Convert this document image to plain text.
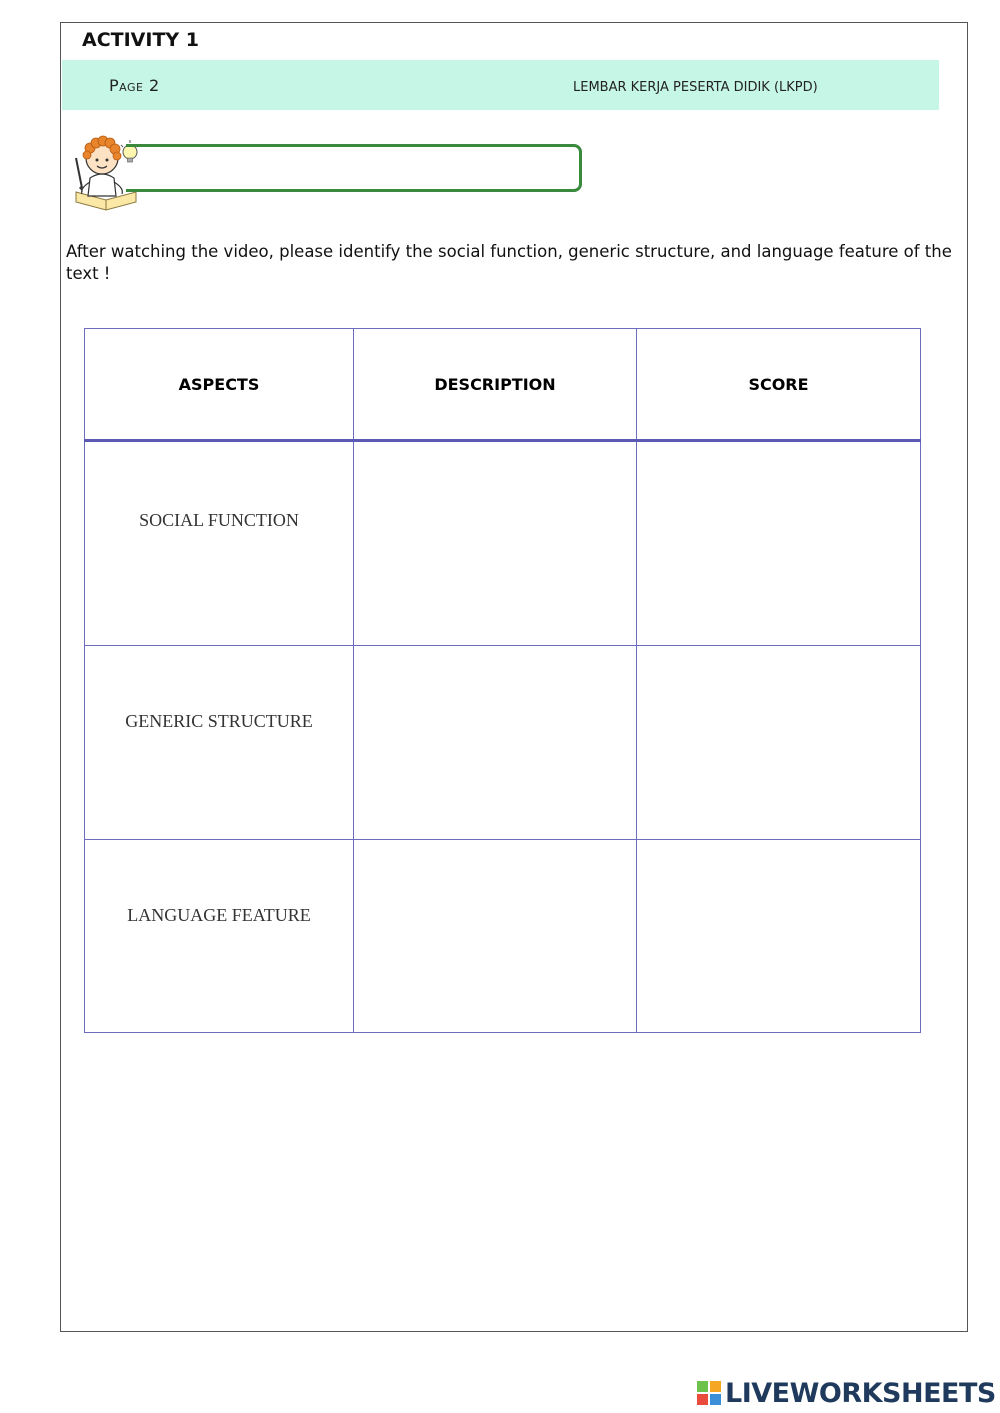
Page 2	LEMBAR KERJA PESERTA DIDIK (LKPD)
ACTIVITY 1
After watching the video, please identify the social function, generic structure, and language feature of the text !
ASPECTS	DESCRIPTION	SCORE

SOCIAL FUNCTION		

GENERIC STRUCTURE		

LANGUAGE FEATURE		

LIVEWORKSHEETS
